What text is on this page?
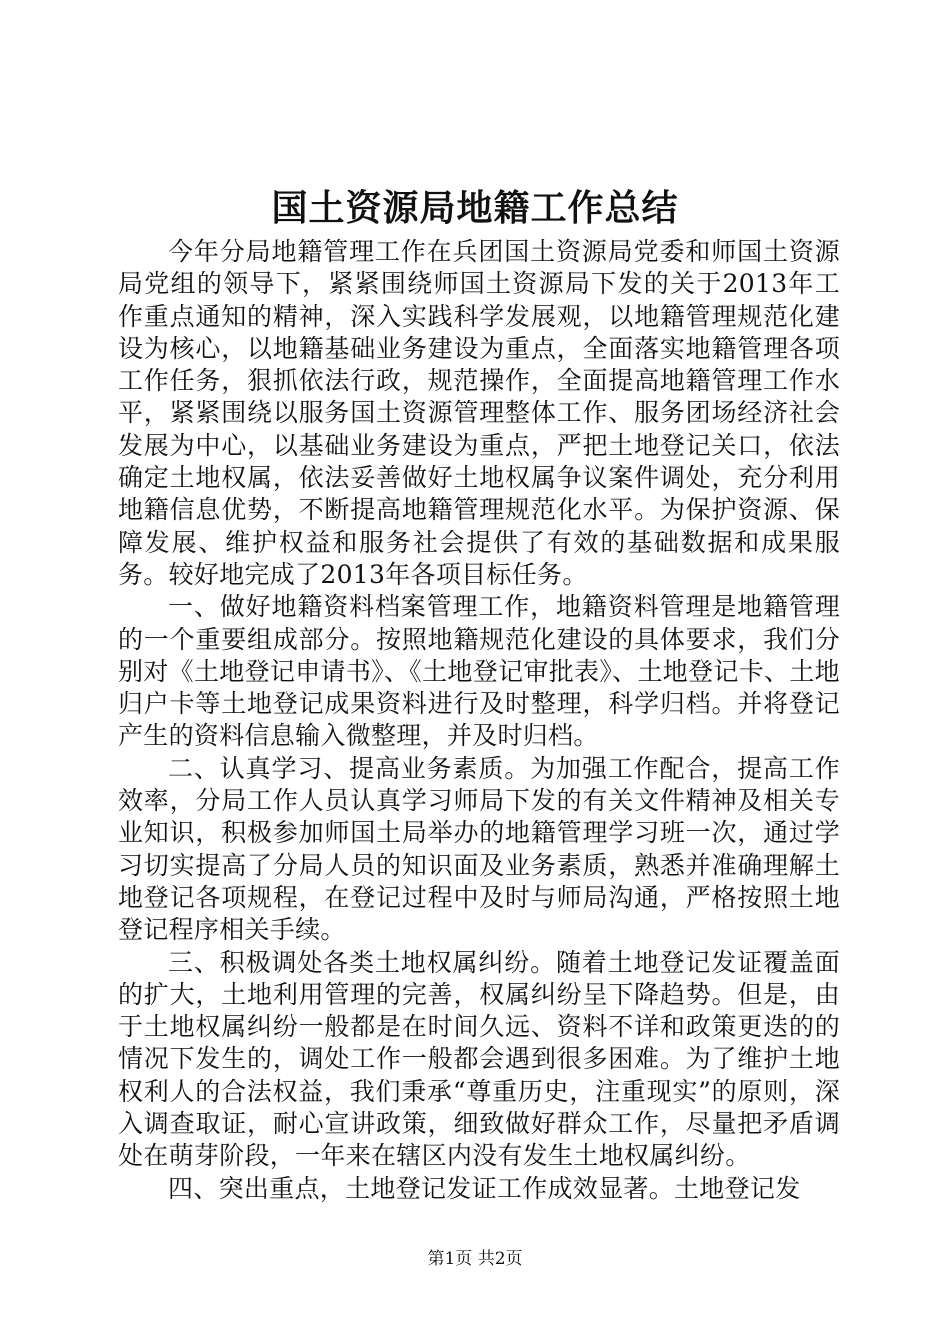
国土资源局地籍工作总结

今年分局地籍管理工作在兵团国土资源局党委和师国土资源局党组的领导下，紧紧围绕师国土资源局下发的关于2013年工作重点通知的精神，深入实践科学发展观，以地籍管理规范化建设为核心，以地籍基础业务建设为重点，全面落实地籍管理各项工作任务，狠抓依法行政，规范操作，全面提高地籍管理工作水平，紧紧围绕以服务国土资源管理整体工作、服务团场经济社会发展为中心，以基础业务建设为重点，严把土地登记关口，依法确定土地权属，依法妥善做好土地权属争议案件调处，充分利用地籍信息优势，不断提高地籍管理规范化水平。为保护资源、保障发展、维护权益和服务社会提供了有效的基础数据和成果服务。较好地完成了2013年各项目标任务。

一、做好地籍资料档案管理工作，地籍资料管理是地籍管理的一个重要组成部分。按照地籍规范化建设的具体要求，我们分别对《土地登记申请书》、《土地登记审批表》、土地登记卡、土地归户卡等土地登记成果资料进行及时整理，科学归档。并将登记产生的资料信息输入微整理，并及时归档。

二、认真学习、提高业务素质。为加强工作配合，提高工作效率，分局工作人员认真学习师局下发的有关文件精神及相关专业知识，积极参加师国土局举办的地籍管理学习班一次，通过学习切实提高了分局人员的知识面及业务素质，熟悉并准确理解土地登记各项规程，在登记过程中及时与师局沟通，严格按照土地登记程序相关手续。

三、积极调处各类土地权属纠纷。随着土地登记发证覆盖面的扩大，土地利用管理的完善，权属纠纷呈下降趋势。但是，由于土地权属纠纷一般都是在时间久远、资料不详和政策更迭的的情况下发生的，调处工作一般都会遇到很多困难。为了维护土地权利人的合法权益，我们秉承“尊重历史，注重现实”的原则，深入调查取证，耐心宣讲政策，细致做好群众工作，尽量把矛盾调处在萌芽阶段，一年来在辖区内没有发生土地权属纠纷。

四、突出重点，土地登记发证工作成效显著。土地登记发

第1页 共2页
